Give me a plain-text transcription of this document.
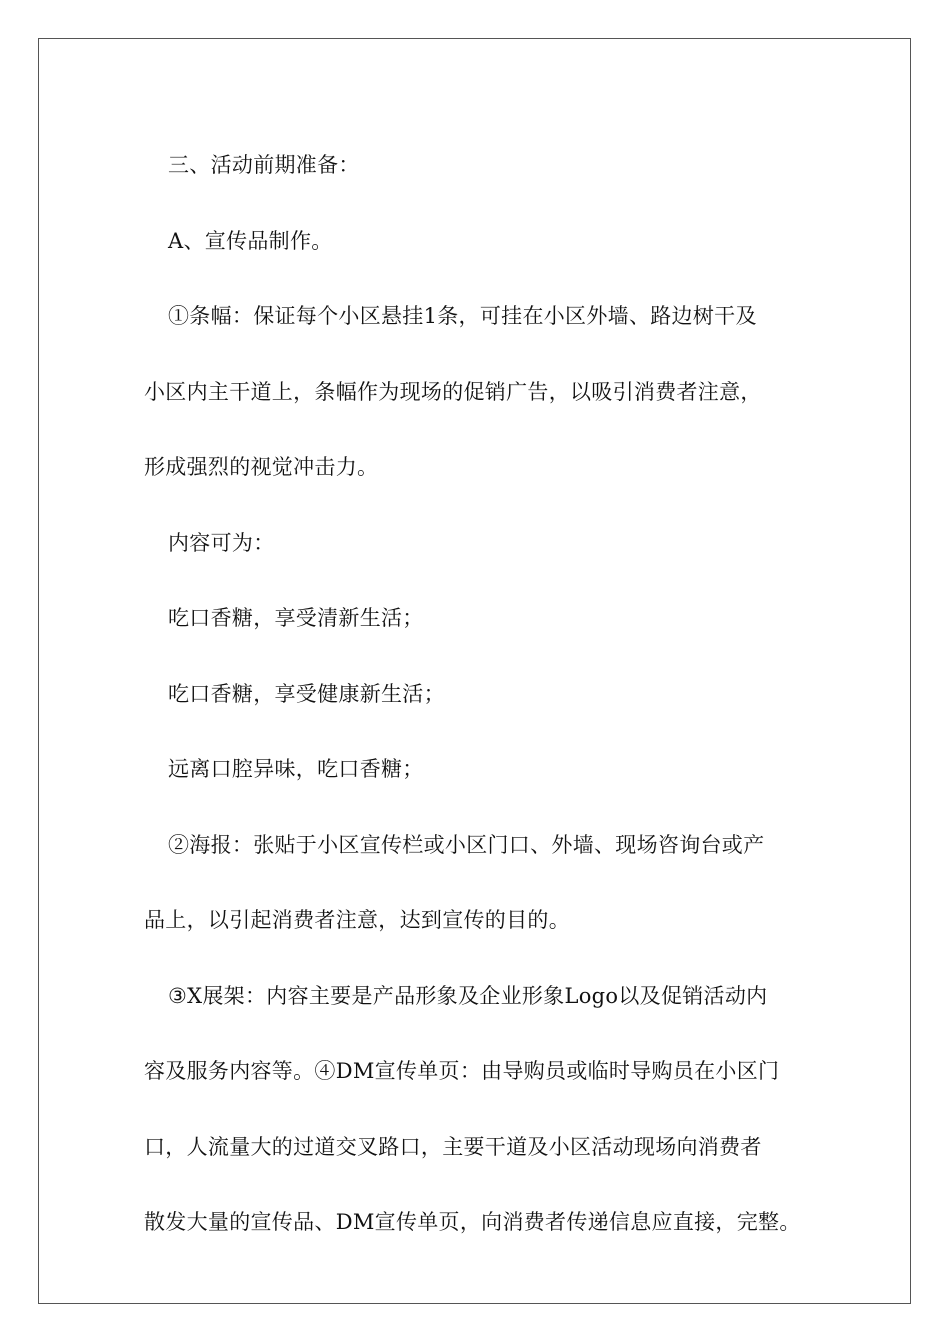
三、活动前期准备：
A、宣传品制作。
①条幅：保证每个小区悬挂1条，可挂在小区外墙、路边树干及
小区内主干道上，条幅作为现场的促销广告，以吸引消费者注意，
形成强烈的视觉冲击力。
内容可为：
吃口香糖，享受清新生活；
吃口香糖，享受健康新生活；
远离口腔异味，吃口香糖；
②海报：张贴于小区宣传栏或小区门口、外墙、现场咨询台或产
品上，以引起消费者注意，达到宣传的目的。
③X展架：内容主要是产品形象及企业形象Logo以及促销活动内
容及服务内容等。④DM宣传单页：由导购员或临时导购员在小区门
口，人流量大的过道交叉路口，主要干道及小区活动现场向消费者
散发大量的宣传品、DM宣传单页，向消费者传递信息应直接，完整。
